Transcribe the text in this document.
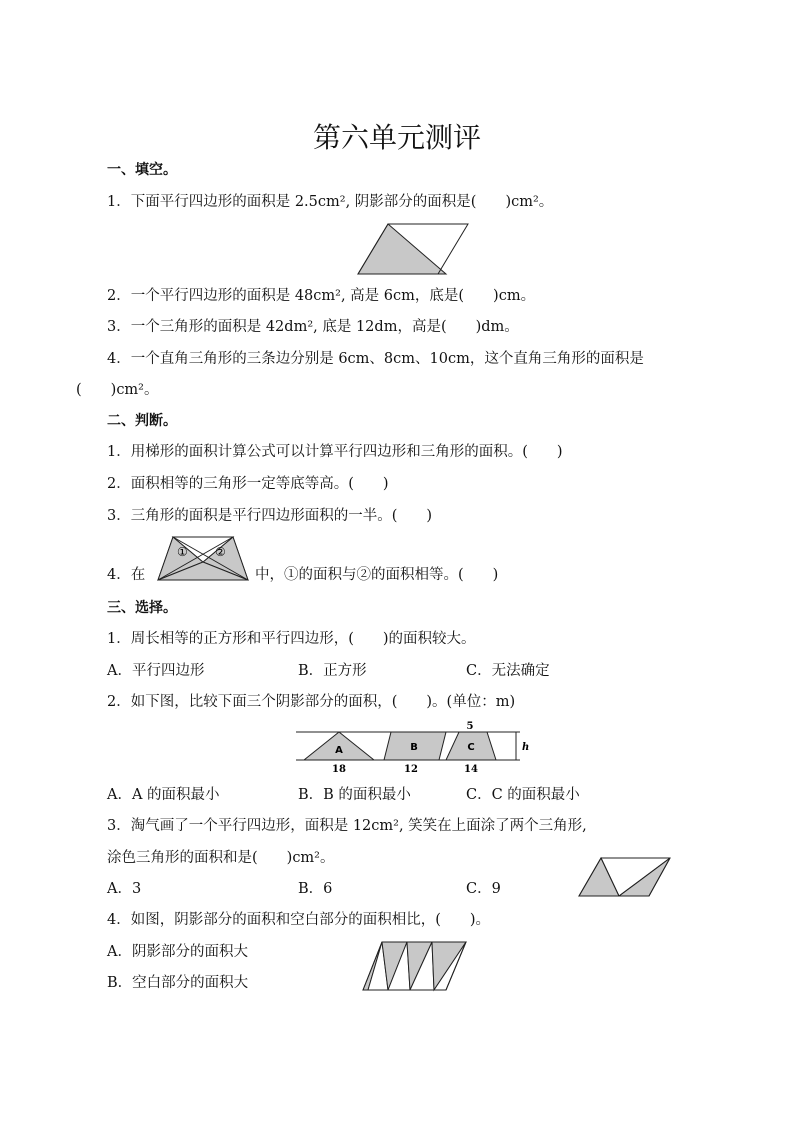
第六单元测评
一、填空。
1．下面平行四边形的面积是 2.5cm², 阴影部分的面积是(　　)cm²。
2．一个平行四边形的面积是 48cm², 高是 6cm，底是(　　)cm。
3．一个三角形的面积是 42dm², 底是 12dm，高是(　　)dm。
4．一个直角三角形的三条边分别是 6cm、8cm、10cm，这个直角三角形的面积是
(　　)cm²。
二、判断。
1．用梯形的面积计算公式可以计算平行四边形和三角形的面积。(　　)
2．面积相等的三角形一定等底等高。(　　)
3．三角形的面积是平行四边形面积的一半。(　　)
4．在
① ②
中，①的面积与②的面积相等。(　　)
三、选择。
1．周长相等的正方形和平行四边形，(　　)的面积较大。
A．平行四边形	B．正方形	C．无法确定
2．如下图，比较下面三个阴影部分的面积，(　　)。(单位：m)
5
h
A	B	C
18	12	14
A．A 的面积最小	B．B 的面积最小	C．C 的面积最小
3．淘气画了一个平行四边形，面积是 12cm², 笑笑在上面涂了两个三角形,
涂色三角形的面积和是(　　)cm²。
A．3	B．6	C．9
4．如图，阴影部分的面积和空白部分的面积相比，(　　)。
A．阴影部分的面积大
B．空白部分的面积大
